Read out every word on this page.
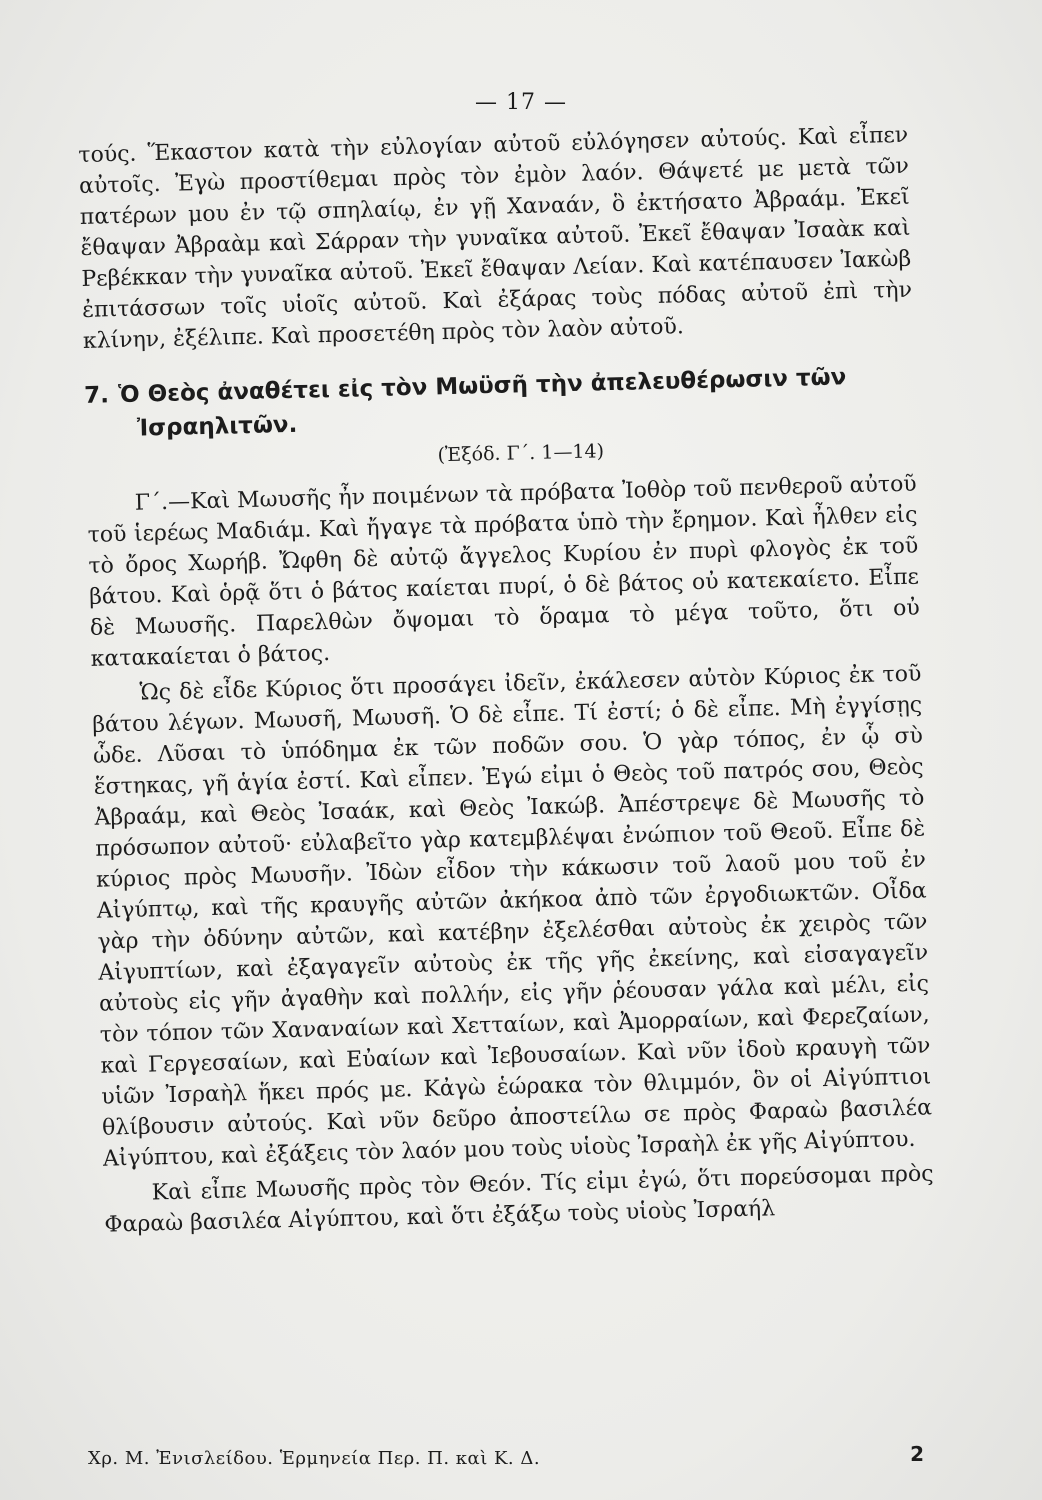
— 17 —

τούς. Ἕκαστον κατὰ τὴν εὐλογίαν αὐτοῦ εὐλόγησεν αὐτούς. Καὶ εἶπεν αὐτοῖς. Ἐγὼ προστίθεμαι πρὸς τὸν ἐμὸν λαόν. Θάψετέ με μετὰ τῶν πατέρων μου ἐν τῷ σπηλαίῳ, ἐν γῇ Χαναάν, ὃ ἐκτήσατο Ἀβραάμ. Ἐκεῖ ἔθαψαν Ἀβραὰμ καὶ Σάρραν τὴν γυναῖκα αὐτοῦ. Ἐκεῖ ἔθαψαν Ἰσαὰκ καὶ Ρεβέκκαν τὴν γυναῖκα αὐτοῦ. Ἐκεῖ ἔθαψαν Λείαν. Καὶ κατέπαυσεν Ἰακὼβ ἐπιτάσσων τοῖς υἱοῖς αὐτοῦ. Καὶ ἐξάρας τοὺς πόδας αὐτοῦ ἐπὶ τὴν κλίνην, ἐξέλιπε. Καὶ προσετέθη πρὸς τὸν λαὸν αὐτοῦ.

7. Ὁ Θεὸς ἀναθέτει εἰς τὸν Μωϋσῆ τὴν ἀπελευθέρωσιν τῶν
Ἰσραηλιτῶν.
(Ἐξόδ. Γ΄. 1—14)

Γ΄.—Καὶ Μωυσῆς ἦν ποιμένων τὰ πρόβατα Ἰοθὸρ τοῦ πενθεροῦ αὐτοῦ τοῦ ἱερέως Μαδιάμ. Καὶ ἤγαγε τὰ πρόβατα ὑπὸ τὴν ἔρημον. Καὶ ἦλθεν εἰς τὸ ὄρος Χωρήβ. Ὤφθη δὲ αὐτῷ ἄγγελος Κυρίου ἐν πυρὶ φλογὸς ἐκ τοῦ βάτου. Καὶ ὁρᾷ ὅτι ὁ βάτος καίεται πυρί, ὁ δὲ βάτος οὐ κατεκαίετο. Εἶπε δὲ Μωυσῆς. Παρελθὼν ὄψομαι τὸ ὅραμα τὸ μέγα τοῦτο, ὅτι οὐ κατακαίεται ὁ βάτος.

Ὡς δὲ εἶδε Κύριος ὅτι προσάγει ἰδεῖν, ἐκάλεσεν αὐτὸν Κύριος ἐκ τοῦ βάτου λέγων. Μωυσῆ, Μωυσῆ. Ὁ δὲ εἶπε. Τί ἐστί; ὁ δὲ εἶπε. Μὴ ἐγγίσῃς ὧδε. Λῦσαι τὸ ὑπόδημα ἐκ τῶν ποδῶν σου. Ὁ γὰρ τόπος, ἐν ᾧ σὺ ἕστηκας, γῆ ἁγία ἐστί. Καὶ εἶπεν. Ἐγώ εἰμι ὁ Θεὸς τοῦ πατρός σου, Θεὸς Ἀβραάμ, καὶ Θεὸς Ἰσαάκ, καὶ Θεὸς Ἰακώβ. Ἀπέστρεψε δὲ Μωυσῆς τὸ πρόσωπον αὐτοῦ· εὐλαβεῖτο γὰρ κατεμβλέψαι ἐνώπιον τοῦ Θεοῦ. Εἶπε δὲ κύριος πρὸς Μωυσῆν. Ἰδὼν εἶδον τὴν κάκωσιν τοῦ λαοῦ μου τοῦ ἐν Αἰγύπτῳ, καὶ τῆς κραυγῆς αὐτῶν ἀκήκοα ἀπὸ τῶν ἐργοδιωκτῶν. Οἶδα γὰρ τὴν ὀδύνην αὐτῶν, καὶ κατέβην ἐξελέσθαι αὐτοὺς ἐκ χειρὸς τῶν Αἰγυπτίων, καὶ ἐξαγαγεῖν αὐτοὺς ἐκ τῆς γῆς ἐκείνης, καὶ εἰσαγαγεῖν αὐτοὺς εἰς γῆν ἀγαθὴν καὶ πολλήν, εἰς γῆν ῥέουσαν γάλα καὶ μέλι, εἰς τὸν τόπον τῶν Χαναναίων καὶ Χετταίων, καὶ Ἀμορραίων, καὶ Φερεζαίων, καὶ Γεργεσαίων, καὶ Εὐαίων καὶ Ἰεβουσαίων. Καὶ νῦν ἰδοὺ κραυγὴ τῶν υἱῶν Ἰσραὴλ ἥκει πρός με. Κἀγὼ ἑώρακα τὸν θλιμμόν, ὃν οἱ Αἰγύπτιοι θλίβουσιν αὐτούς. Καὶ νῦν δεῦρο ἀποστείλω σε πρὸς Φαραὼ βασιλέα Αἰγύπτου, καὶ ἐξάξεις τὸν λαόν μου τοὺς υἱοὺς Ἰσραὴλ ἐκ γῆς Αἰγύπτου.

Καὶ εἶπε Μωυσῆς πρὸς τὸν Θεόν. Τίς εἰμι ἐγώ, ὅτι πορεύσομαι πρὸς Φαραὼ βασιλέα Αἰγύπτου, καὶ ὅτι ἐξάξω τοὺς υἱοὺς Ἰσραήλ

Χρ. Μ. Ἐνισλείδου. Ἑρμηνεία Περ. Π. καὶ Κ. Δ.	2
